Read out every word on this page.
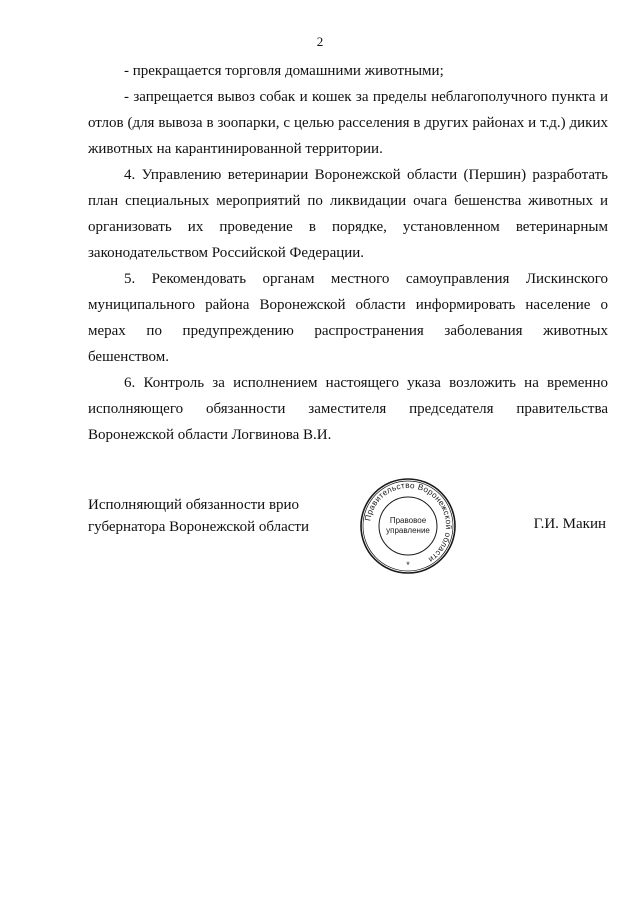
2

- прекращается торговля домашними животными;

- запрещается вывоз собак и кошек за пределы неблагополучного пункта и отлов (для вывоза в зоопарки, с целью расселения в других районах и т.д.) диких животных на карантинированной территории.

4. Управлению ветеринарии Воронежской области (Першин) разработать план специальных мероприятий по ликвидации очага бешенства животных и организовать их проведение в порядке, установленном ветеринарным законодательством Российской Федерации.

5. Рекомендовать органам местного самоуправления Лискинского муниципального района Воронежской области информировать население о мерах по предупреждению распространения заболевания животных бешенством.

6. Контроль за исполнением настоящего указа возложить на временно исполняющего обязанности заместителя председателя правительства Воронежской области Логвинова В.И.

Исполняющий обязанности врио
губернатора Воронежской области
Правительство Воронежской области
Правовое
управление
*
Г.И. Макин
